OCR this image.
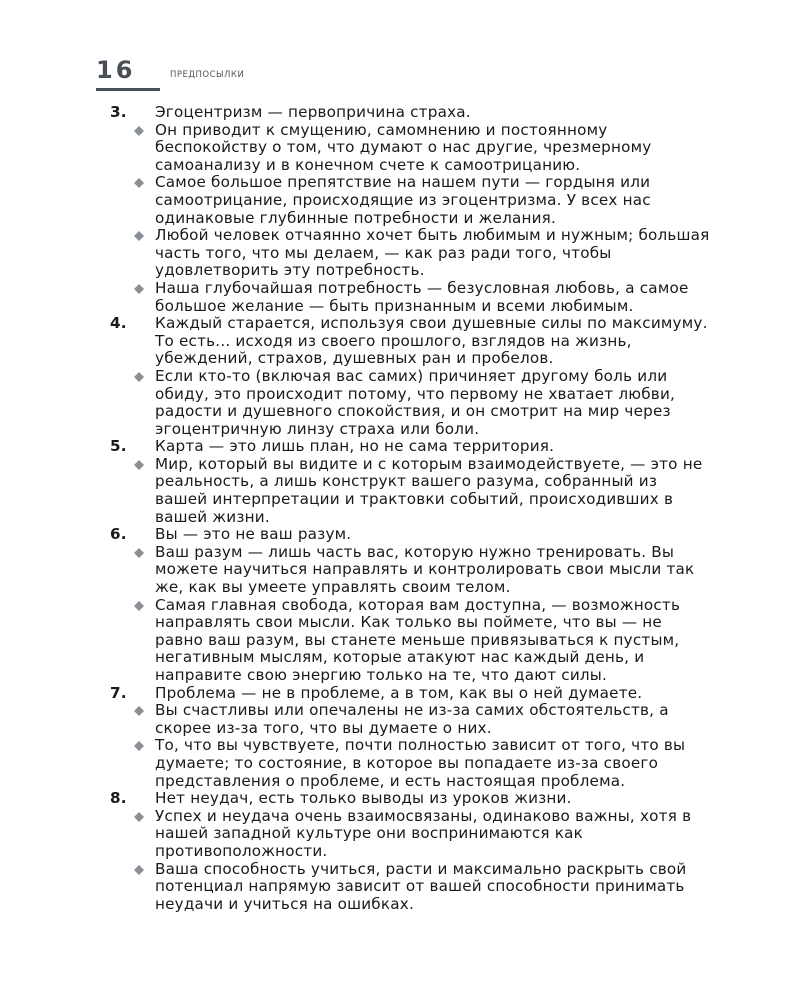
16	ПРЕДПОСЫЛКИ
3. Эгоцентризм — первопричина страха.
Он приводит к смущению, самомнению и постоянному беспокойству о том, что думают о нас другие, чрезмерному самоанализу и в конечном счете к самоотрицанию.
Самое большое препятствие на нашем пути — гордыня или самоотрицание, происходящие из эгоцентризма. У всех нас одинаковые глубинные потребности и желания.
Любой человек отчаянно хочет быть любимым и нужным; большая часть того, что мы делаем, — как раз ради того, чтобы удовлетворить эту потребность.
Наша глубочайшая потребность — безусловная любовь, а самое большое желание — быть признанным и всеми любимым.
4. Каждый старается, используя свои душевные силы по максимуму. То есть... исходя из своего прошлого, взглядов на жизнь, убеждений, страхов, душевных ран и пробелов.
Если кто-то (включая вас самих) причиняет другому боль или обиду, это происходит потому, что первому не хватает любви, радости и душевного спокойствия, и он смотрит на мир через эгоцентричную линзу страха или боли.
5. Карта — это лишь план, но не сама территория.
Мир, который вы видите и с которым взаимодействуете, — это не реальность, а лишь конструкт вашего разума, собранный из вашей интерпретации и трактовки событий, происходивших в вашей жизни.
6. Вы — это не ваш разум.
Ваш разум — лишь часть вас, которую нужно тренировать. Вы можете научиться направлять и контролировать свои мысли так же, как вы умеете управлять своим телом.
Самая главная свобода, которая вам доступна, — возможность направлять свои мысли. Как только вы поймете, что вы — не равно ваш разум, вы станете меньше привязываться к пустым, негативным мыслям, которые атакуют нас каждый день, и направите свою энергию только на те, что дают силы.
7. Проблема — не в проблеме, а в том, как вы о ней думаете.
Вы счастливы или опечалены не из-за самих обстоятельств, а скорее из-за того, что вы думаете о них.
То, что вы чувствуете, почти полностью зависит от того, что вы думаете; то состояние, в которое вы попадаете из-за своего представления о проблеме, и есть настоящая проблема.
8. Нет неудач, есть только выводы из уроков жизни.
Успех и неудача очень взаимосвязаны, одинаково важны, хотя в нашей западной культуре они воспринимаются как противоположности.
Ваша способность учиться, расти и максимально раскрыть свой потенциал напрямую зависит от вашей способности принимать неудачи и учиться на ошибках.
